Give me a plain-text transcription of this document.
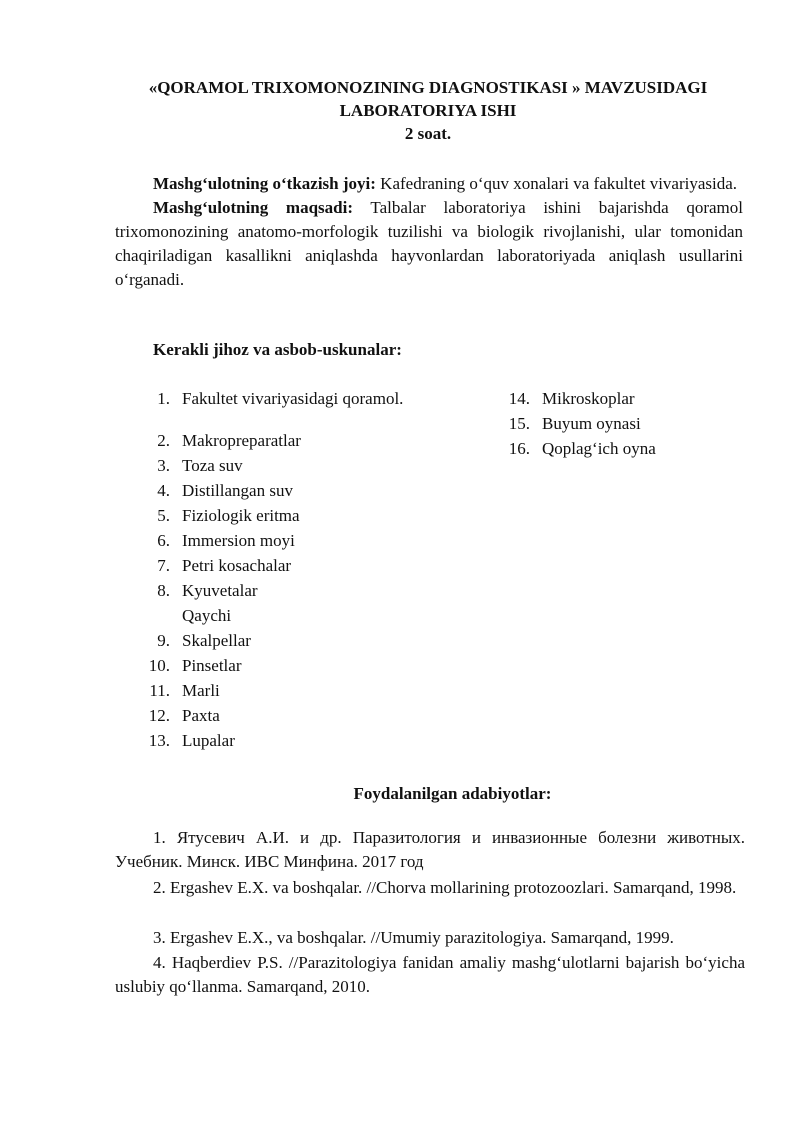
«QORAMOL TRIXOMONOZINING DIAGNOSTIKASI » MAVZUSIDAGI
LABORATORIYA ISHI
2 soat.
Mashg‘ulotning o‘tkazish joyi: Kafedraning o‘quv xonalari va fakultet vivariyasida.
Mashg‘ulotning maqsadi: Talbalar laboratoriya ishini bajarishda qoramol trixomonozining anatomo-morfologik tuzilishi va biologik rivojlanishi, ular tomonidan chaqiriladigan kasallikni aniqlashda hayvonlardan laboratoriyada aniqlash usullarini o‘rganadi.
Kerakli jihoz va asbob-uskunalar:
1. Fakultet vivariyasidagi qoramol.
2. Makropreparatlar
3. Toza suv
4. Distillangan suv
5. Fiziologik eritma
6. Immersion moyi
7. Petri kosachalar
8. Kyuvetalar
Qaychi
9. Skalpellar
10. Pinsetlar
11. Marli
12. Paxta
13. Lupalar
14. Mikroskoplar
15. Buyum oynasi
16. Qoplag‘ich oyna
Foydalanilgan adabiyotlar:
1. Ятусевич А.И. и др. Паразитология и инвазионные болезни животных. Учебник. Минск. ИВС Минфина. 2017 год
2. Ergashev E.X. va boshqalar. //Chorva mollarining protozoozlari. Samarqand, 1998.
3. Ergashev E.X., va boshqalar. //Umumiy parazitologiya. Samarqand, 1999.
4. Haqberdiev P.S. //Parazitologiya fanidan amaliy mashg‘ulotlarni bajarish bo‘yicha uslubiy qo‘llanma. Samarqand, 2010.
